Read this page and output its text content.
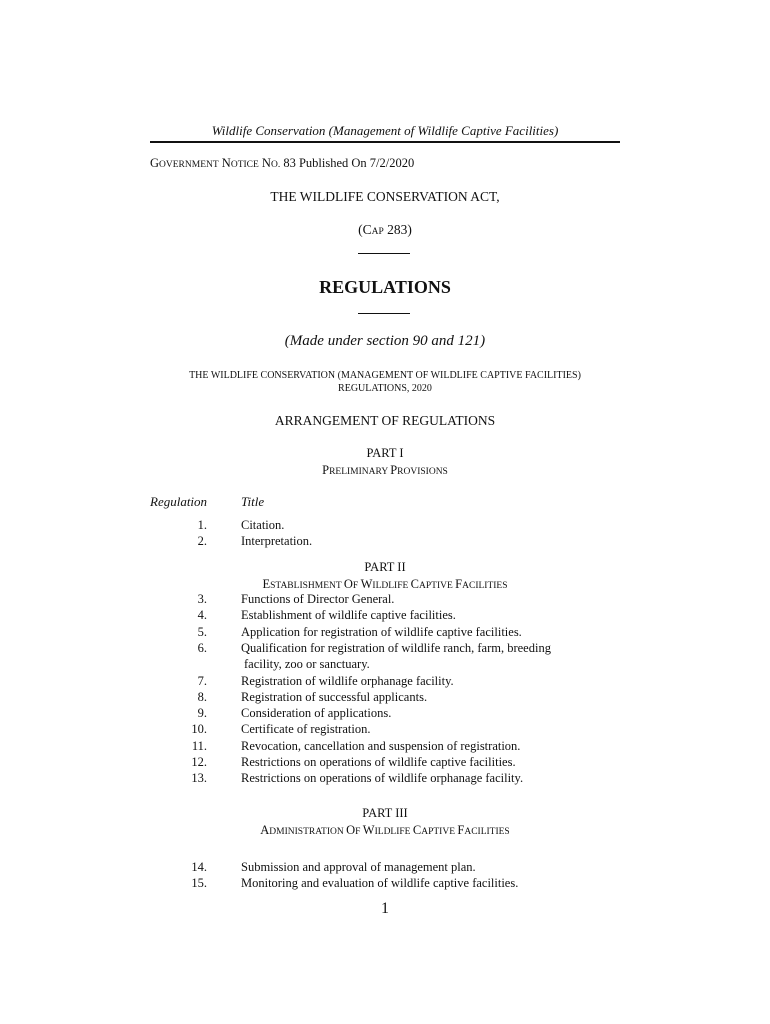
Wildlife Conservation (Management of Wildlife Captive Facilities)
GOVERNMENT NOTICE NO. 83 Published On 7/2/2020
THE WILDLIFE CONSERVATION ACT,
(CAP 283)
REGULATIONS
(Made under section 90 and 121)
THE WILDLIFE CONSERVATION (MANAGEMENT OF WILDLIFE CAPTIVE FACILITIES)
REGULATIONS, 2020
ARRANGEMENT OF REGULATIONS
Regulation	Title
PART I
PRELIMINARY PROVISIONS
1.	Citation.
2.	Interpretation.
PART II
ESTABLISHMENT OF WILDLIFE CAPTIVE FACILITIES
3.	Functions of Director General.
4.	Establishment of wildlife captive facilities.
5.	Application for registration of wildlife captive facilities.
6.	Qualification for registration of wildlife ranch, farm, breeding
facility, zoo or sanctuary.
7.	Registration of wildlife orphanage facility.
8.	Registration of successful applicants.
9.	Consideration of applications.
10.	Certificate of registration.
11.	Revocation, cancellation and suspension of registration.
12.	Restrictions on operations of wildlife captive facilities.
13.	Restrictions on operations of wildlife orphanage facility.
PART III
ADMINISTRATION OF WILDLIFE CAPTIVE FACILITIES
14.	Submission and approval of management plan.
15.	Monitoring and evaluation of wildlife captive facilities.
1
